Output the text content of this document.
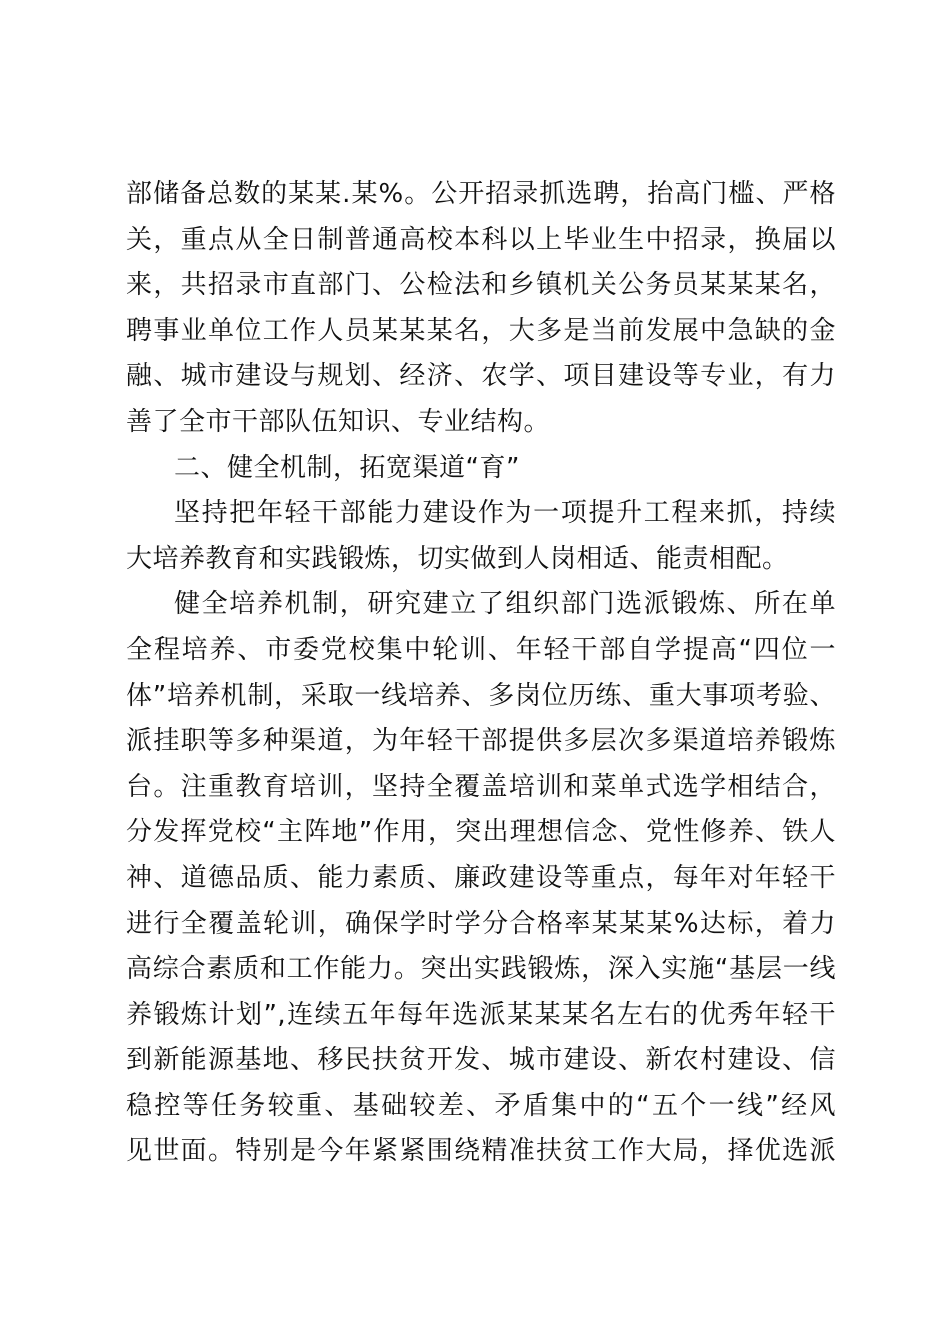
部储备总数的某某.某%。公开招录抓选聘，抬高门槛、严格
关，重点从全日制普通高校本科以上毕业生中招录，换届以
来，共招录市直部门、公检法和乡镇机关公务员某某某名，
聘事业单位工作人员某某某名，大多是当前发展中急缺的金
融、城市建设与规划、经济、农学、项目建设等专业，有力
善了全市干部队伍知识、专业结构。
二、健全机制，拓宽渠道“育”
坚持把年轻干部能力建设作为一项提升工程来抓，持续
大培养教育和实践锻炼，切实做到人岗相适、能责相配。
健全培养机制，研究建立了组织部门选派锻炼、所在单
全程培养、市委党校集中轮训、年轻干部自学提高“四位一
体”培养机制，采取一线培养、多岗位历练、重大事项考验、
派挂职等多种渠道，为年轻干部提供多层次多渠道培养锻炼
台。注重教育培训，坚持全覆盖培训和菜单式选学相结合，
分发挥党校“主阵地”作用，突出理想信念、党性修养、铁人
神、道德品质、能力素质、廉政建设等重点，每年对年轻干
进行全覆盖轮训，确保学时学分合格率某某某%达标，着力
高综合素质和工作能力。突出实践锻炼，深入实施“基层一线
养锻炼计划”,连续五年每年选派某某某名左右的优秀年轻干
到新能源基地、移民扶贫开发、城市建设、新农村建设、信
稳控等任务较重、基础较差、矛盾集中的“五个一线”经风
见世面。特别是今年紧紧围绕精准扶贫工作大局，择优选派
